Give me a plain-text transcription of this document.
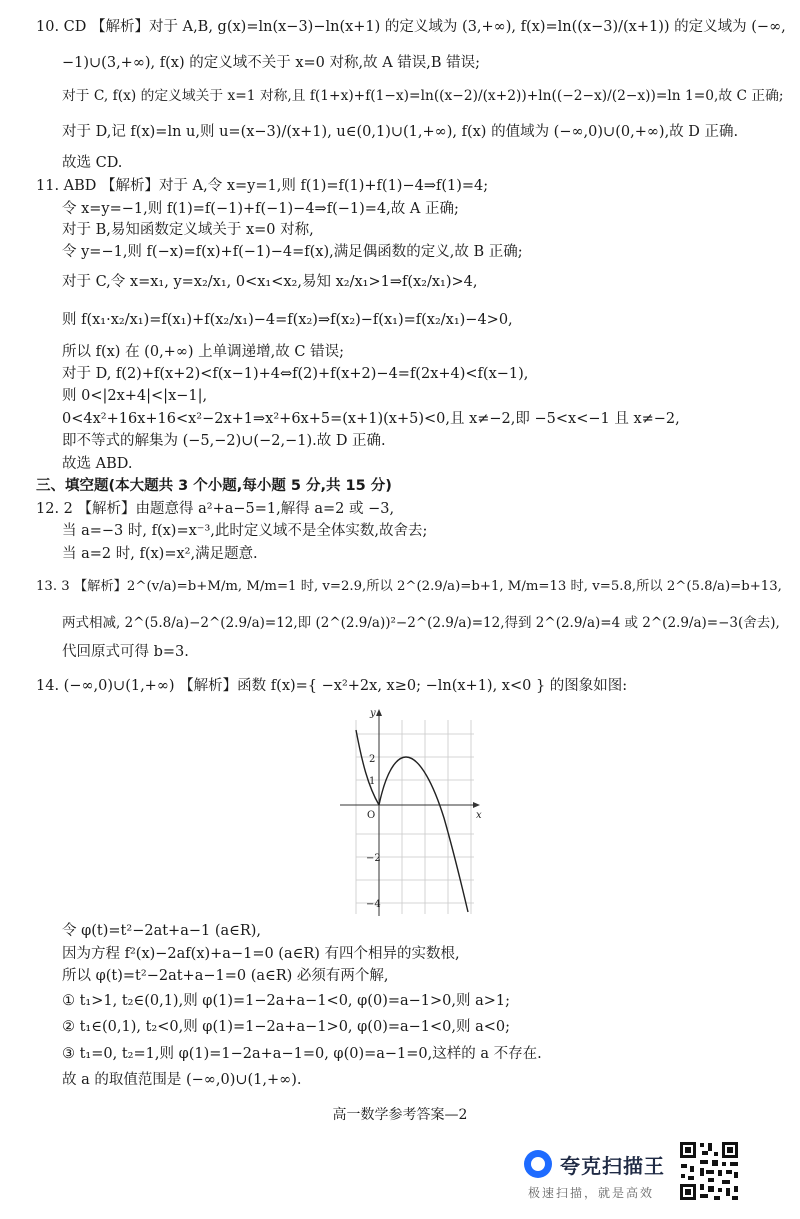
10. CD 【解析】对于 A,B, g(x)=ln(x−3)−ln(x+1) 的定义域为 (3,+∞), f(x)=ln((x−3)/(x+1)) 的定义域为 (−∞,
−1)∪(3,+∞), f(x) 的定义域不关于 x=0 对称,故 A 错误,B 错误;
对于 C, f(x) 的定义域关于 x=1 对称,且 f(1+x)+f(1−x)=ln((x−2)/(x+2))+ln((−2−x)/(2−x))=ln 1=0,故 C 正确;
对于 D,记 f(x)=ln u,则 u=(x−3)/(x+1), u∈(0,1)∪(1,+∞), f(x) 的值域为 (−∞,0)∪(0,+∞),故 D 正确.
故选 CD.
11. ABD 【解析】对于 A,令 x=y=1,则 f(1)=f(1)+f(1)−4⇒f(1)=4;
令 x=y=−1,则 f(1)=f(−1)+f(−1)−4⇒f(−1)=4,故 A 正确;
对于 B,易知函数定义域关于 x=0 对称,
令 y=−1,则 f(−x)=f(x)+f(−1)−4=f(x),满足偶函数的定义,故 B 正确;
对于 C,令 x=x₁, y=x₂/x₁, 0<x₁<x₂,易知 x₂/x₁>1⇒f(x₂/x₁)>4,
则 f(x₁·x₂/x₁)=f(x₁)+f(x₂/x₁)−4=f(x₂)⇒f(x₂)−f(x₁)=f(x₂/x₁)−4>0,
所以 f(x) 在 (0,+∞) 上单调递增,故 C 错误;
对于 D, f(2)+f(x+2)<f(x−1)+4⇔f(2)+f(x+2)−4=f(2x+4)<f(x−1),
则 0<|2x+4|<|x−1|,
0<4x²+16x+16<x²−2x+1⇒x²+6x+5=(x+1)(x+5)<0,且 x≠−2,即 −5<x<−1 且 x≠−2,
即不等式的解集为 (−5,−2)∪(−2,−1).故 D 正确.
故选 ABD.
三、填空题(本大题共 3 个小题,每小题 5 分,共 15 分)
12. 2 【解析】由题意得 a²+a−5=1,解得 a=2 或 −3,
当 a=−3 时, f(x)=x⁻³,此时定义域不是全体实数,故舍去;
当 a=2 时, f(x)=x²,满足题意.
13. 3 【解析】2^(v/a)=b+M/m, M/m=1 时, v=2.9,所以 2^(2.9/a)=b+1, M/m=13 时, v=5.8,所以 2^(5.8/a)=b+13,
两式相减, 2^(5.8/a)−2^(2.9/a)=12,即 (2^(2.9/a))²−2^(2.9/a)=12,得到 2^(2.9/a)=4 或 2^(2.9/a)=−3(舍去),
代回原式可得 b=3.
14. (−∞,0)∪(1,+∞) 【解析】函数 f(x)={ −x²+2x, x≥0; −ln(x+1), x<0 } 的图象如图:
y
x
O
2
1
−2
−4
令 φ(t)=t²−2at+a−1 (a∈R),
因为方程 f²(x)−2af(x)+a−1=0 (a∈R) 有四个相异的实数根,
所以 φ(t)=t²−2at+a−1=0 (a∈R) 必须有两个解,
① t₁>1, t₂∈(0,1),则 φ(1)=1−2a+a−1<0, φ(0)=a−1>0,则 a>1;
② t₁∈(0,1), t₂<0,则 φ(1)=1−2a+a−1>0, φ(0)=a−1<0,则 a<0;
③ t₁=0, t₂=1,则 φ(1)=1−2a+a−1=0, φ(0)=a−1=0,这样的 a 不存在.
故 a 的取值范围是 (−∞,0)∪(1,+∞).
高一数学参考答案—2
夸克扫描王
极速扫描，就是高效
